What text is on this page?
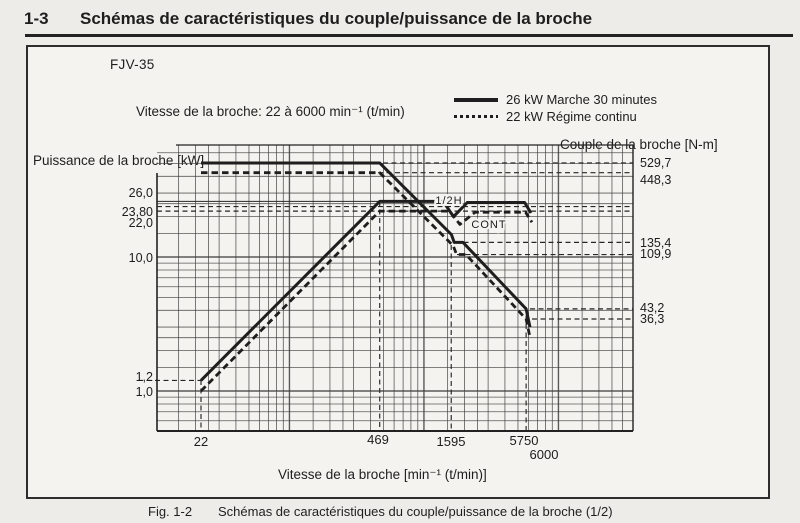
1-3 Schémas de caractéristiques du couple/puissance de la broche
FJV-35
Vitesse de la broche: 22 à 6000 min⁻¹ (t/min)
26 kW Marche 30 minutes
22 kW Régime continu
Puissance de la broche [kW]
Couple de la broche [N-m]
Vitesse de la broche [min⁻¹ (t/min)]
26,0
23,80
22,0
10,0
1,2
1,0
529,7
448,3
135,4
109,9
43,2
36,3
22	469	1595	5750
6000
1/2H
CONT
Fig. 1-2 Schémas de caractéristiques du couple/puissance de la broche (1/2)
